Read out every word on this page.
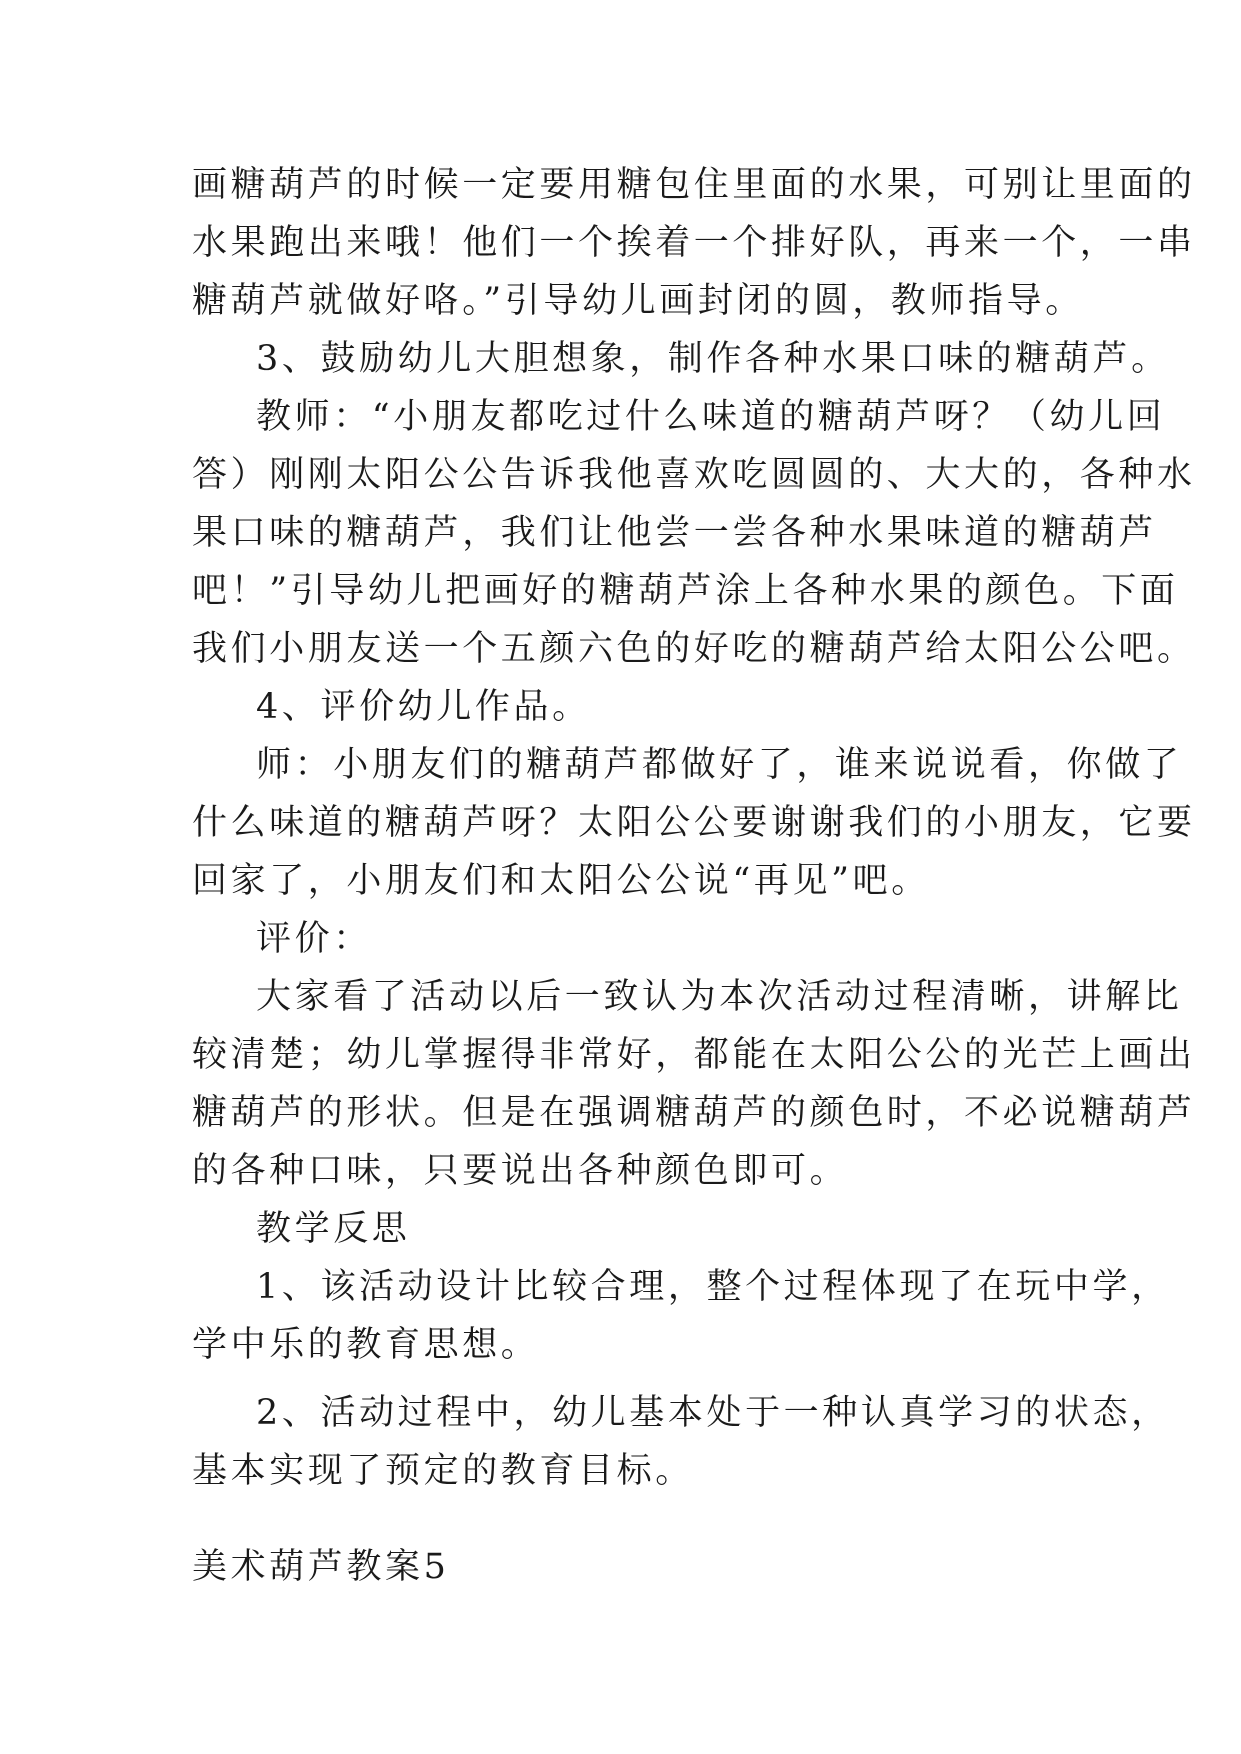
画糖葫芦的时候一定要用糖包住里面的水果，可别让里面的
水果跑出来哦！他们一个挨着一个排好队，再来一个，一串
糖葫芦就做好咯。”引导幼儿画封闭的圆，教师指导。
3、鼓励幼儿大胆想象，制作各种水果口味的糖葫芦。
教师：“小朋友都吃过什么味道的糖葫芦呀？（幼儿回
答）刚刚太阳公公告诉我他喜欢吃圆圆的、大大的，各种水
果口味的糖葫芦，我们让他尝一尝各种水果味道的糖葫芦
吧！”引导幼儿把画好的糖葫芦涂上各种水果的颜色。下面
我们小朋友送一个五颜六色的好吃的糖葫芦给太阳公公吧。
4、评价幼儿作品。
师：小朋友们的糖葫芦都做好了，谁来说说看，你做了
什么味道的糖葫芦呀？太阳公公要谢谢我们的小朋友，它要
回家了，小朋友们和太阳公公说“再见”吧。
评价：
大家看了活动以后一致认为本次活动过程清晰，讲解比
较清楚；幼儿掌握得非常好，都能在太阳公公的光芒上画出
糖葫芦的形状。但是在强调糖葫芦的颜色时，不必说糖葫芦
的各种口味，只要说出各种颜色即可。
教学反思
1、该活动设计比较合理，整个过程体现了在玩中学，
学中乐的教育思想。
2、活动过程中，幼儿基本处于一种认真学习的状态，
基本实现了预定的教育目标。
美术葫芦教案5
